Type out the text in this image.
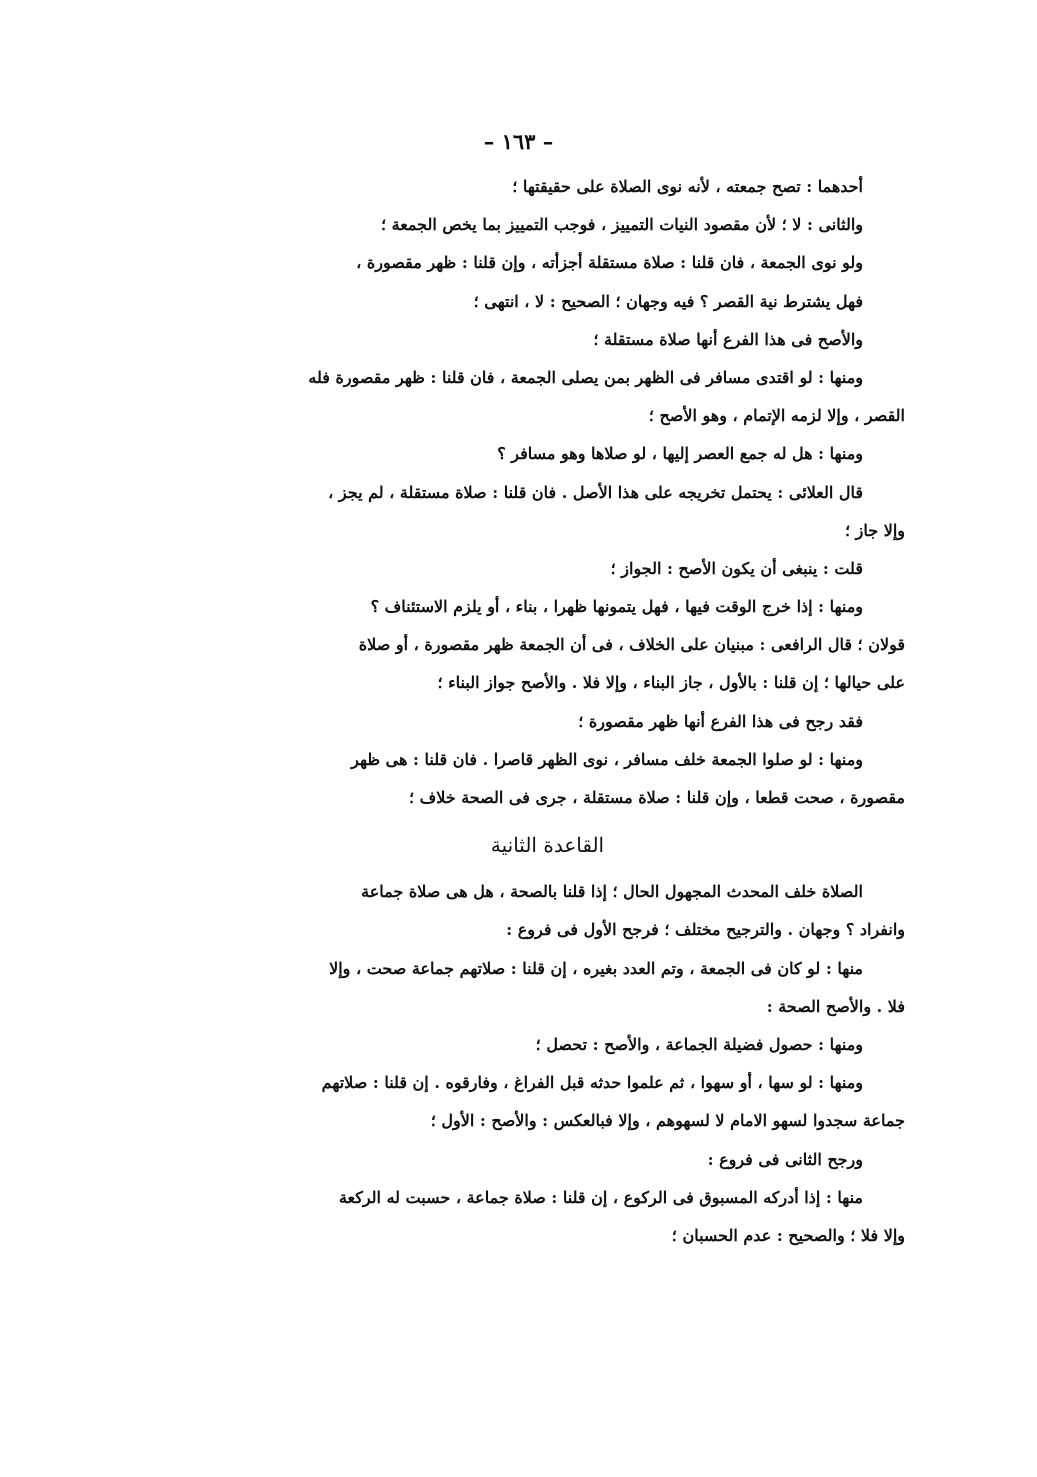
– ١٦٣ –
أحدهما : تصح جمعته ، لأنه نوى الصلاة على حقيقتها ؛
والثانى : لا ؛ لأن مقصود النيات التمييز ، فوجب التمييز بما يخص الجمعة ؛
ولو نوى الجمعة ، فان قلنا : صلاة مستقلة أجزأته ، وإن قلنا : ظهر مقصورة ،
فهل يشترط نية القصر ؟ فيه وجهان ؛ الصحيح : لا ، انتهى ؛
والأصح فى هذا الفرع أنها صلاة مستقلة ؛
ومنها : لو اقتدى مسافر فى الظهر بمن يصلى الجمعة ، فان قلنا : ظهر مقصورة فله
القصر ، وإلا لزمه الإتمام ، وهو الأصح ؛
ومنها : هل له جمع العصر إليها ، لو صلاها وهو مسافر ؟
قال العلائى : يحتمل تخريجه على هذا الأصل . فان قلنا : صلاة مستقلة ، لم يجز ،
وإلا جاز ؛
قلت : ينبغى أن يكون الأصح : الجواز ؛
ومنها : إذا خرج الوقت فيها ، فهل يتمونها ظهرا ، بناء ، أو يلزم الاستئناف ؟
قولان ؛ قال الرافعى : مبنيان على الخلاف ، فى أن الجمعة ظهر مقصورة ، أو صلاة
على حيالها ؛ إن قلنا : بالأول ، جاز البناء ، وإلا فلا . والأصح جواز البناء ؛
فقد رجح فى هذا الفرع أنها ظهر مقصورة ؛
ومنها : لو صلوا الجمعة خلف مسافر ، نوى الظهر قاصرا . فان قلنا : هى ظهر
مقصورة ، صحت قطعا ، وإن قلنا : صلاة مستقلة ، جرى فى الصحة خلاف ؛
القاعدة الثانية
الصلاة خلف المحدث المجهول الحال ؛ إذا قلنا بالصحة ، هل هى صلاة جماعة
وانفراد ؟ وجهان . والترجيح مختلف ؛ فرجح الأول فى فروع :
منها : لو كان فى الجمعة ، وتم العدد بغيره ، إن قلنا : صلاتهم جماعة صحت ، وإلا
فلا . والأصح الصحة :
ومنها : حصول فضيلة الجماعة ، والأصح : تحصل ؛
ومنها : لو سها ، أو سهوا ، ثم علموا حدثه قبل الفراغ ، وفارقوه . إن قلنا : صلاتهم
جماعة سجدوا لسهو الامام لا لسهوهم ، وإلا فبالعكس : والأصح : الأول ؛
ورجح الثانى فى فروع :
منها : إذا أدركه المسبوق فى الركوع ، إن قلنا : صلاة جماعة ، حسبت له الركعة
وإلا فلا ؛ والصحيح : عدم الحسبان ؛
